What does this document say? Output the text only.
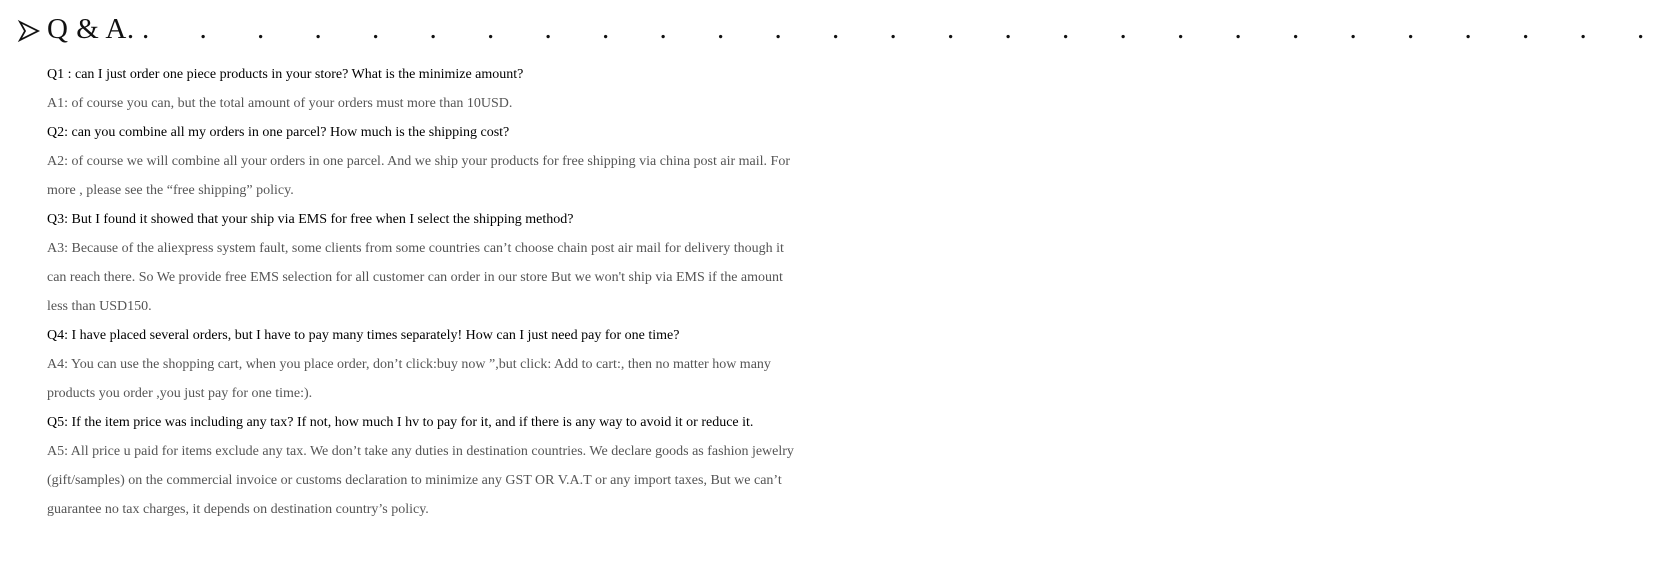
Q & A. . . . . . . . . . . . . . . . . . . . . . . . . . . .

Q1 : can I just order one piece products in your store? What is the minimize amount?

A1: of course you can, but the total amount of your orders must more than 10USD.

Q2: can you combine all my orders in one parcel? How much is the shipping cost?

A2: of course we will combine all your orders in one parcel. And we ship your products for free shipping via china post air mail. For more , please see the “free shipping” policy.

Q3: But I found it showed that your ship via EMS for free when I select the shipping method?

A3: Because of the aliexpress system fault, some clients from some countries can’t choose chain post air mail for delivery though it can reach there. So We provide free EMS selection for all customer can order in our store But we won't ship via EMS if the amount less than USD150.

Q4: I have placed several orders, but I have to pay many times separately! How can I just need pay for one time?

A4: You can use the shopping cart, when you place order, don’t click:buy now ”,but click: Add to cart:, then no matter how many products you order ,you just pay for one time:).

Q5: If the item price was including any tax? If not, how much I hv to pay for it, and if there is any way to avoid it or reduce it.

A5: All price u paid for items exclude any tax. We don’t take any duties in destination countries. We declare goods as fashion jewelry (gift/samples) on the commercial invoice or customs declaration to minimize any GST OR V.A.T or any import taxes, But we can’t guarantee no tax charges, it depends on destination country’s policy.
